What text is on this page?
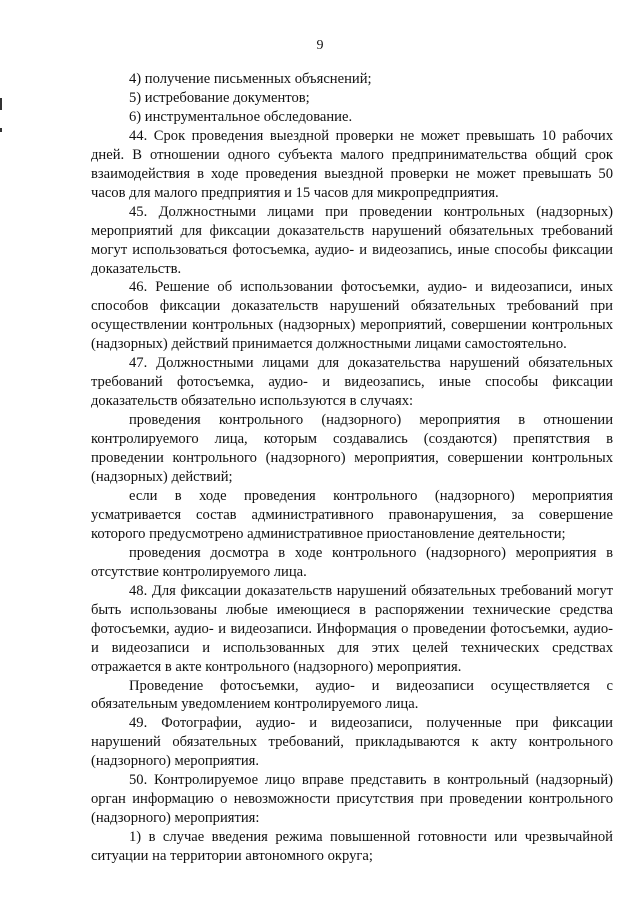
9

4) получение письменных объяснений;

5) истребование документов;

6) инструментальное обследование.

44. Срок проведения выездной проверки не может превышать 10 рабочих дней. В отношении одного субъекта малого предпринимательства общий срок взаимодействия в ходе проведения выездной проверки не может превышать 50 часов для малого предприятия и 15 часов для микропредприятия.

45. Должностными лицами при проведении контрольных (надзорных) мероприятий для фиксации доказательств нарушений обязательных требований могут использоваться фотосъемка, аудио- и видеозапись, иные способы фиксации доказательств.

46. Решение об использовании фотосъемки, аудио- и видеозаписи, иных способов фиксации доказательств нарушений обязательных требований при осуществлении контрольных (надзорных) мероприятий, совершении контрольных (надзорных) действий принимается должностными лицами самостоятельно.

47. Должностными лицами для доказательства нарушений обязательных требований фотосъемка, аудио- и видеозапись, иные способы фиксации доказательств обязательно используются в случаях:

проведения контрольного (надзорного) мероприятия в отношении контролируемого лица, которым создавались (создаются) препятствия в проведении контрольного (надзорного) мероприятия, совершении контрольных (надзорных) действий;

если в ходе проведения контрольного (надзорного) мероприятия усматривается состав административного правонарушения, за совершение которого предусмотрено административное приостановление деятельности;

проведения досмотра в ходе контрольного (надзорного) мероприятия в отсутствие контролируемого лица.

48. Для фиксации доказательств нарушений обязательных требований могут быть использованы любые имеющиеся в распоряжении технические средства фотосъемки, аудио- и видеозаписи. Информация о проведении фотосъемки, аудио- и видеозаписи и использованных для этих целей технических средствах отражается в акте контрольного (надзорного) мероприятия.

Проведение фотосъемки, аудио- и видеозаписи осуществляется с обязательным уведомлением контролируемого лица.

49. Фотографии, аудио- и видеозаписи, полученные при фиксации нарушений обязательных требований, прикладываются к акту контрольного (надзорного) мероприятия.

50. Контролируемое лицо вправе представить в контрольный (надзорный) орган информацию о невозможности присутствия при проведении контрольного (надзорного) мероприятия:

1) в случае введения режима повышенной готовности или чрезвычайной ситуации на территории автономного округа;
